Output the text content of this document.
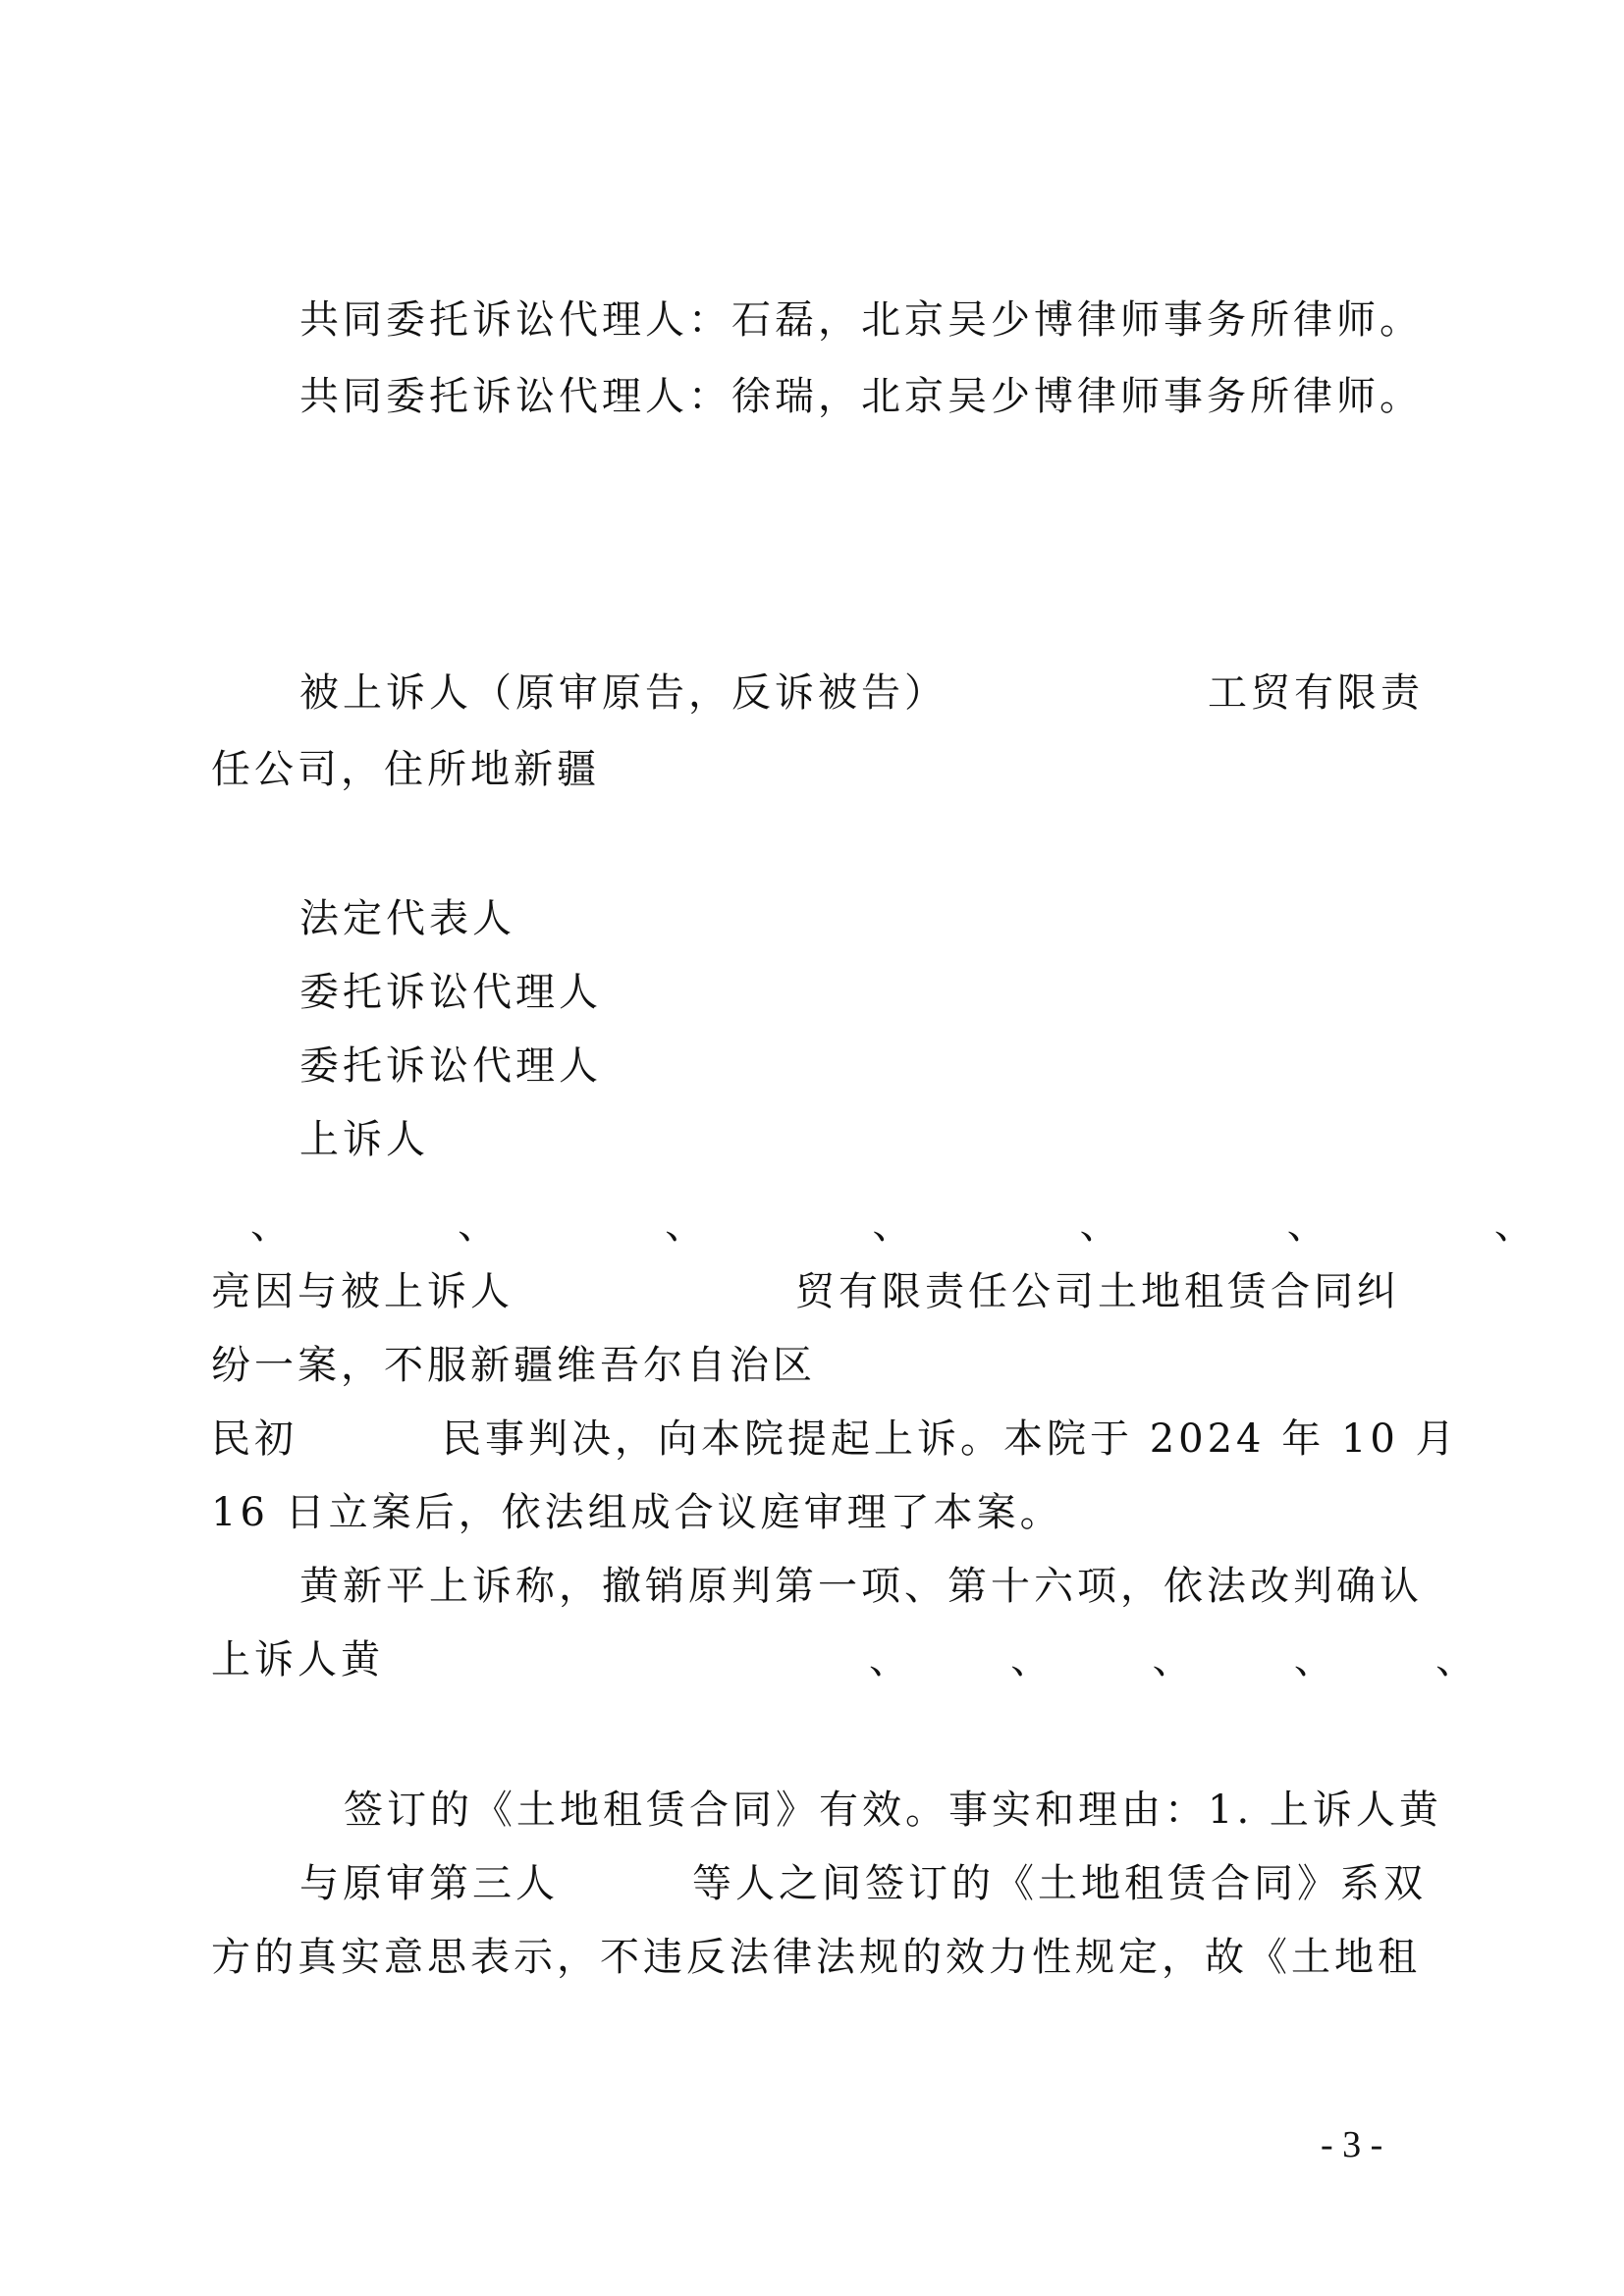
共同委托诉讼代理人：石磊，北京吴少博律师事务所律师。
共同委托诉讼代理人：徐瑞，北京吴少博律师事务所律师。
被上诉人（原审原告，反诉被告）	工贸有限责
任公司，住所地新疆
法定代表人
委托诉讼代理人
委托诉讼代理人
上诉人
、          、          、          、          、          、          、
亮因与被上诉人	贸有限责任公司土地租赁合同纠
纷一案，不服新疆维吾尔自治区
民初	民事判决，向本院提起上诉。本院于 2024 年 10 月
16 日立案后，依法组成合议庭审理了本案。
黄新平上诉称，撤销原判第一项、第十六项，依法改判确认
上诉人黄	、      、      、      、      、
签订的《土地租赁合同》有效。事实和理由：1. 上诉人黄
与原审第三人	等人之间签订的《土地租赁合同》系双
方的真实意思表示，不违反法律法规的效力性规定，故《土地租
- 3 -
